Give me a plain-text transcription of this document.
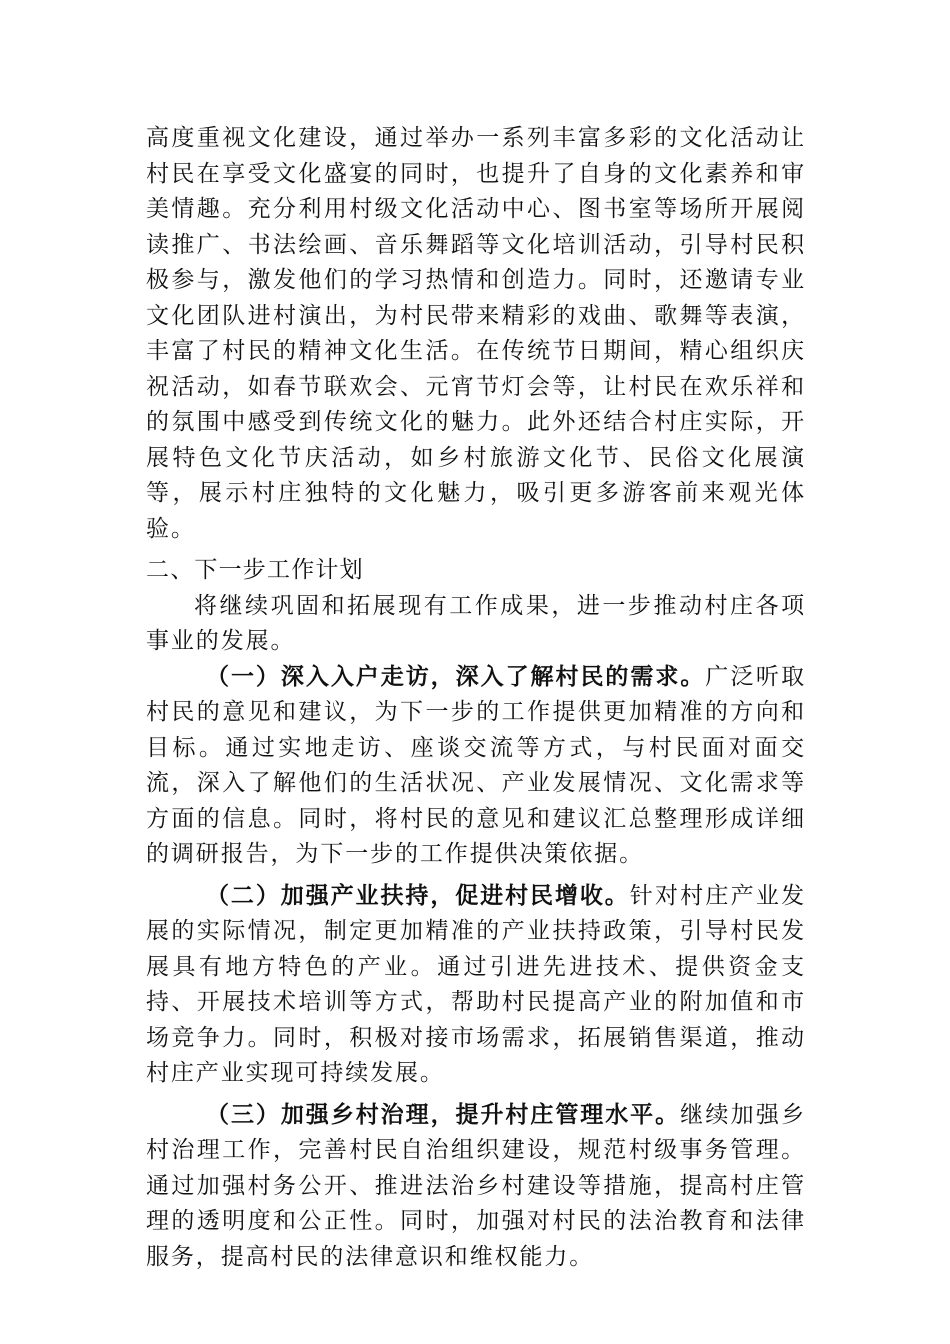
高度重视文化建设，通过举办一系列丰富多彩的文化活动让村民在享受文化盛宴的同时，也提升了自身的文化素养和审美情趣。充分利用村级文化活动中心、图书室等场所开展阅读推广、书法绘画、音乐舞蹈等文化培训活动，引导村民积极参与，激发他们的学习热情和创造力。同时，还邀请专业文化团队进村演出，为村民带来精彩的戏曲、歌舞等表演，丰富了村民的精神文化生活。在传统节日期间，精心组织庆祝活动，如春节联欢会、元宵节灯会等，让村民在欢乐祥和的氛围中感受到传统文化的魅力。此外还结合村庄实际，开展特色文化节庆活动，如乡村旅游文化节、民俗文化展演等，展示村庄独特的文化魅力，吸引更多游客前来观光体验。

二、下一步工作计划

将继续巩固和拓展现有工作成果，进一步推动村庄各项事业的发展。

（一）深入入户走访，深入了解村民的需求。广泛听取村民的意见和建议，为下一步的工作提供更加精准的方向和目标。通过实地走访、座谈交流等方式，与村民面对面交流，深入了解他们的生活状况、产业发展情况、文化需求等方面的信息。同时，将村民的意见和建议汇总整理形成详细的调研报告，为下一步的工作提供决策依据。

（二）加强产业扶持，促进村民增收。针对村庄产业发展的实际情况，制定更加精准的产业扶持政策，引导村民发展具有地方特色的产业。通过引进先进技术、提供资金支持、开展技术培训等方式，帮助村民提高产业的附加值和市场竞争力。同时，积极对接市场需求，拓展销售渠道，推动村庄产业实现可持续发展。

（三）加强乡村治理，提升村庄管理水平。继续加强乡村治理工作，完善村民自治组织建设，规范村级事务管理。通过加强村务公开、推进法治乡村建设等措施，提高村庄管理的透明度和公正性。同时，加强对村民的法治教育和法律服务，提高村民的法律意识和维权能力。
